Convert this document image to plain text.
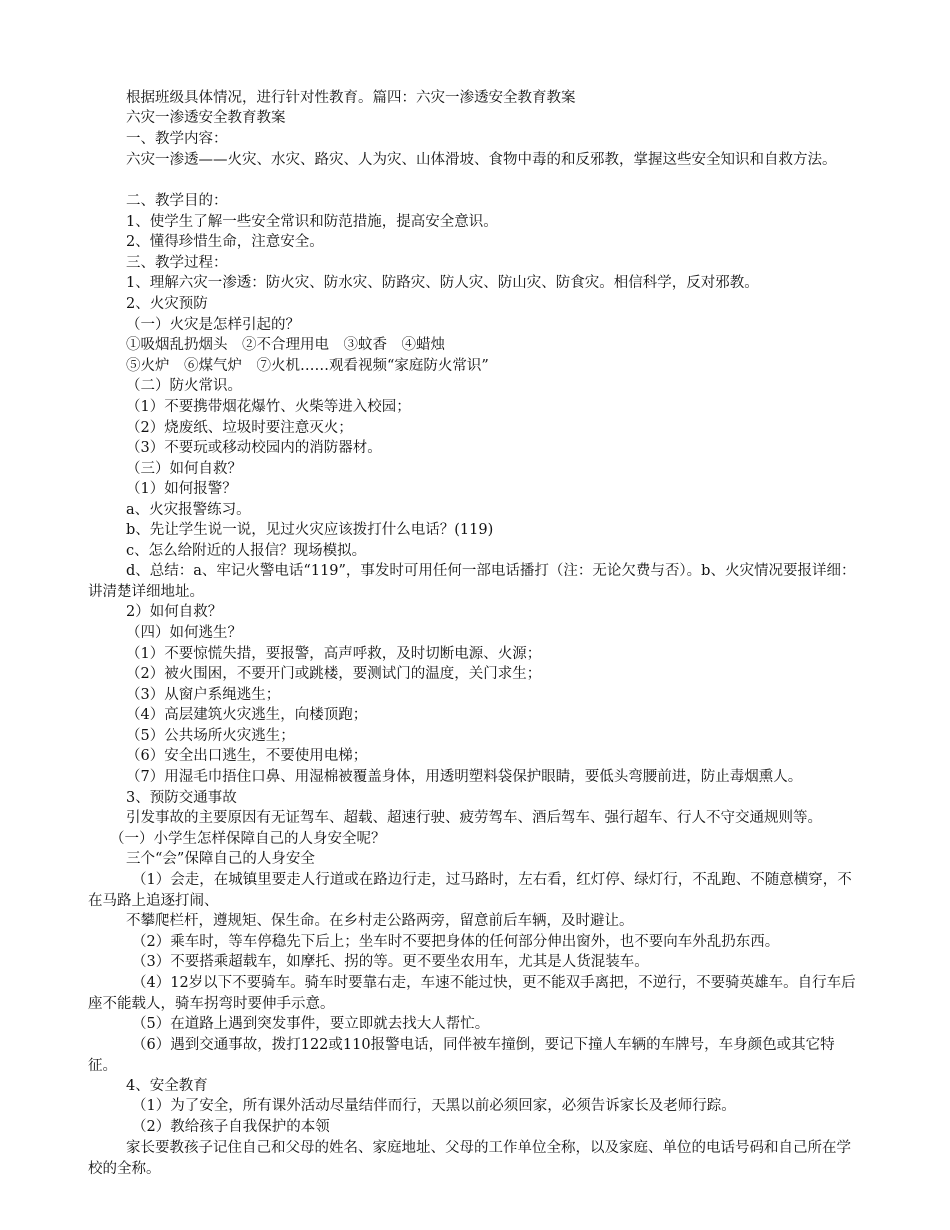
根据班级具体情况，进行针对性教育。篇四：六灾一渗透安全教育教案
六灾一渗透安全教育教案
一、教学内容：
六灾一渗透——火灾、水灾、路灾、人为灾、山体滑坡、食物中毒的和反邪教，掌握这些安全知识和自救方法。
二、教学目的：
1、使学生了解一些安全常识和防范措施，提高安全意识。
2、懂得珍惜生命，注意安全。
三、教学过程：
1、理解六灾一渗透：防火灾、防水灾、防路灾、防人灾、防山灾、防食灾。相信科学，反对邪教。
2、火灾预防
（一）火灾是怎样引起的？
①吸烟乱扔烟头　②不合理用电　③蚊香　④蜡烛
⑤火炉　⑥煤气炉　⑦火机……观看视频“家庭防火常识”
（二）防火常识。
（1）不要携带烟花爆竹、火柴等进入校园；
（2）烧废纸、垃圾时要注意灭火；
（3）不要玩或移动校园内的消防器材。
（三）如何自救？
（1）如何报警？
a、火灾报警练习。
b、先让学生说一说，见过火灾应该拨打什么电话？(119)
c、怎么给附近的人报信？现场模拟。
d、总结：a、牢记火警电话“119”，事发时可用任何一部电话播打（注：无论欠费与否）。b、火灾情况要报详细：讲清楚详细地址。
2）如何自救？
（四）如何逃生？
（1）不要惊慌失措，要报警，高声呼救，及时切断电源、火源；
（2）被火围困，不要开门或跳楼，要测试门的温度，关门求生；
（3）从窗户系绳逃生；
（4）高层建筑火灾逃生，向楼顶跑；
（5）公共场所火灾逃生；
（6）安全出口逃生，不要使用电梯；
（7）用湿毛巾捂住口鼻、用湿棉被覆盖身体，用透明塑料袋保护眼睛，要低头弯腰前进，防止毒烟熏人。
3、预防交通事故
引发事故的主要原因有无证驾车、超载、超速行驶、疲劳驾车、酒后驾车、强行超车、行人不守交通规则等。
（一）小学生怎样保障自己的人身安全呢？
三个“会”保障自己的人身安全
（1）会走，在城镇里要走人行道或在路边行走，过马路时，左右看，红灯停、绿灯行，不乱跑、不随意横穿，不在马路上追逐打闹、
不攀爬栏杆，遵规矩、保生命。在乡村走公路两旁，留意前后车辆，及时避让。
（2）乘车时，等车停稳先下后上；坐车时不要把身体的任何部分伸出窗外，也不要向车外乱扔东西。
（3）不要搭乘超载车，如摩托、拐的等。更不要坐农用车，尤其是人货混装车。
（4）12岁以下不要骑车。骑车时要靠右走，车速不能过快，更不能双手离把，不逆行，不要骑英雄车。自行车后座不能载人，骑车拐弯时要伸手示意。
（5）在道路上遇到突发事件，要立即就去找大人帮忙。
（6）遇到交通事故，拨打122或110报警电话，同伴被车撞倒，要记下撞人车辆的车牌号，车身颜色或其它特征。
4、安全教育
（1）为了安全，所有课外活动尽量结伴而行，天黑以前必须回家，必须告诉家长及老师行踪。
（2）教给孩子自我保护的本领
家长要教孩子记住自己和父母的姓名、家庭地址、父母的工作单位全称，以及家庭、单位的电话号码和自己所在学校的全称。
